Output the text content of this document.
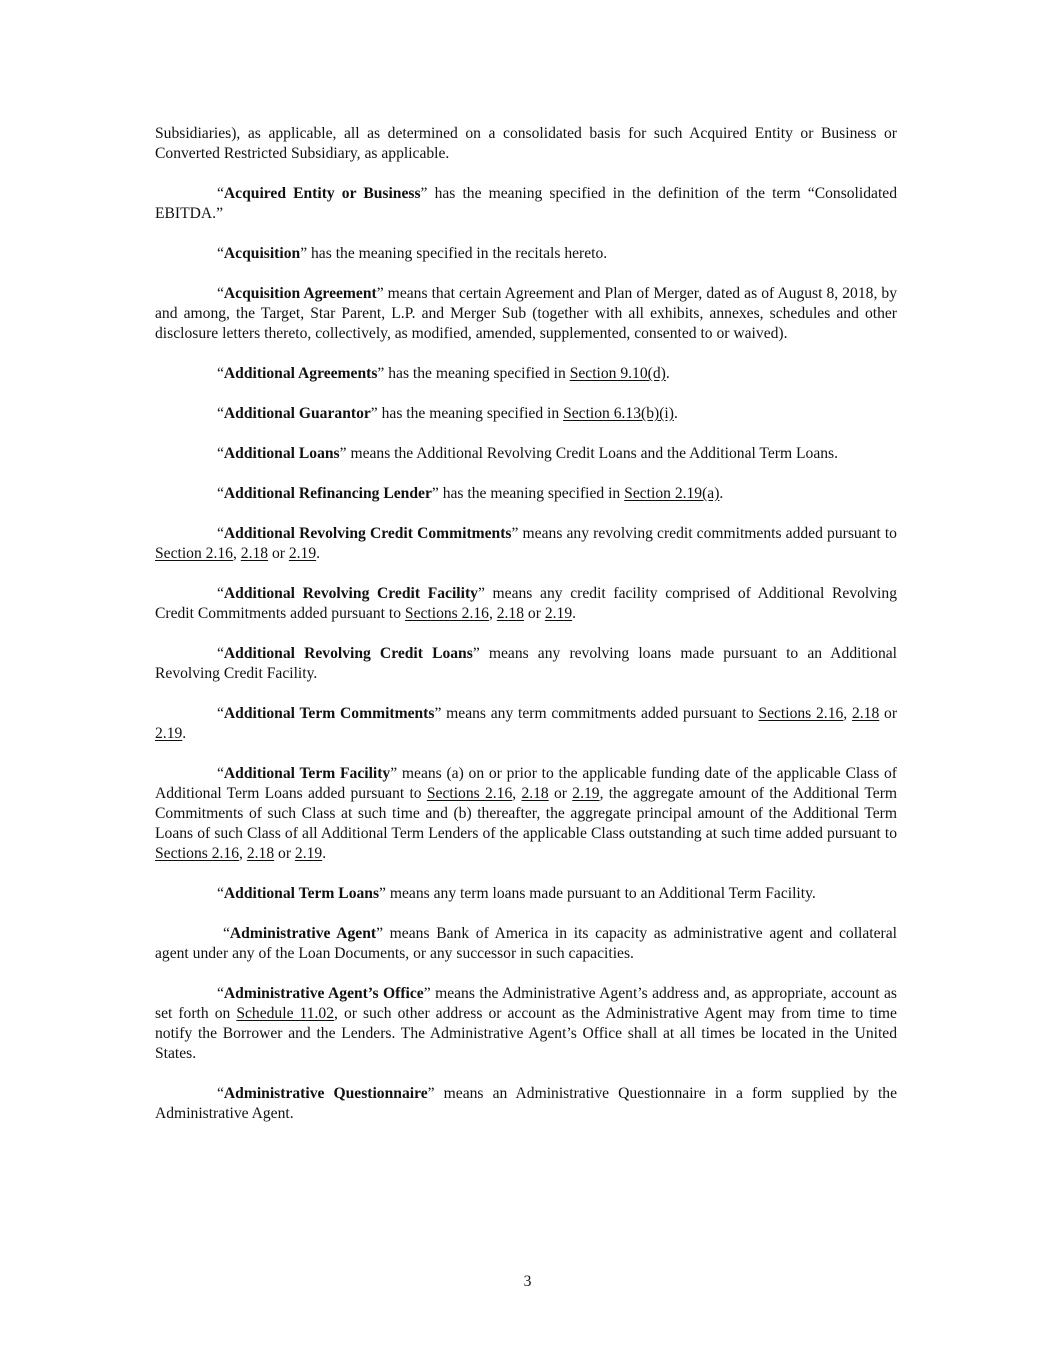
Subsidiaries), as applicable, all as determined on a consolidated basis for such Acquired Entity or Business or Converted Restricted Subsidiary, as applicable.

“Acquired Entity or Business” has the meaning specified in the definition of the term “Consolidated EBITDA.”

“Acquisition” has the meaning specified in the recitals hereto.

“Acquisition Agreement” means that certain Agreement and Plan of Merger, dated as of August 8, 2018, by and among, the Target, Star Parent, L.P. and Merger Sub (together with all exhibits, annexes, schedules and other disclosure letters thereto, collectively, as modified, amended, supplemented, consented to or waived).

“Additional Agreements” has the meaning specified in Section 9.10(d).

“Additional Guarantor” has the meaning specified in Section 6.13(b)(i).

“Additional Loans” means the Additional Revolving Credit Loans and the Additional Term Loans.

“Additional Refinancing Lender” has the meaning specified in Section 2.19(a).

“Additional Revolving Credit Commitments” means any revolving credit commitments added pursuant to Section 2.16, 2.18 or 2.19.

“Additional Revolving Credit Facility” means any credit facility comprised of Additional Revolving Credit Commitments added pursuant to Sections 2.16, 2.18 or 2.19.

“Additional Revolving Credit Loans” means any revolving loans made pursuant to an Additional Revolving Credit Facility.

“Additional Term Commitments” means any term commitments added pursuant to Sections 2.16, 2.18 or 2.19.

“Additional Term Facility” means (a) on or prior to the applicable funding date of the applicable Class of Additional Term Loans added pursuant to Sections 2.16, 2.18 or 2.19, the aggregate amount of the Additional Term Commitments of such Class at such time and (b) thereafter, the aggregate principal amount of the Additional Term Loans of such Class of all Additional Term Lenders of the applicable Class outstanding at such time added pursuant to Sections 2.16, 2.18 or 2.19.

“Additional Term Loans” means any term loans made pursuant to an Additional Term Facility.

“Administrative Agent” means Bank of America in its capacity as administrative agent and collateral agent under any of the Loan Documents, or any successor in such capacities.

“Administrative Agent’s Office” means the Administrative Agent’s address and, as appropriate, account as set forth on Schedule 11.02, or such other address or account as the Administrative Agent may from time to time notify the Borrower and the Lenders. The Administrative Agent’s Office shall at all times be located in the United States.

“Administrative Questionnaire” means an Administrative Questionnaire in a form supplied by the Administrative Agent.

3
